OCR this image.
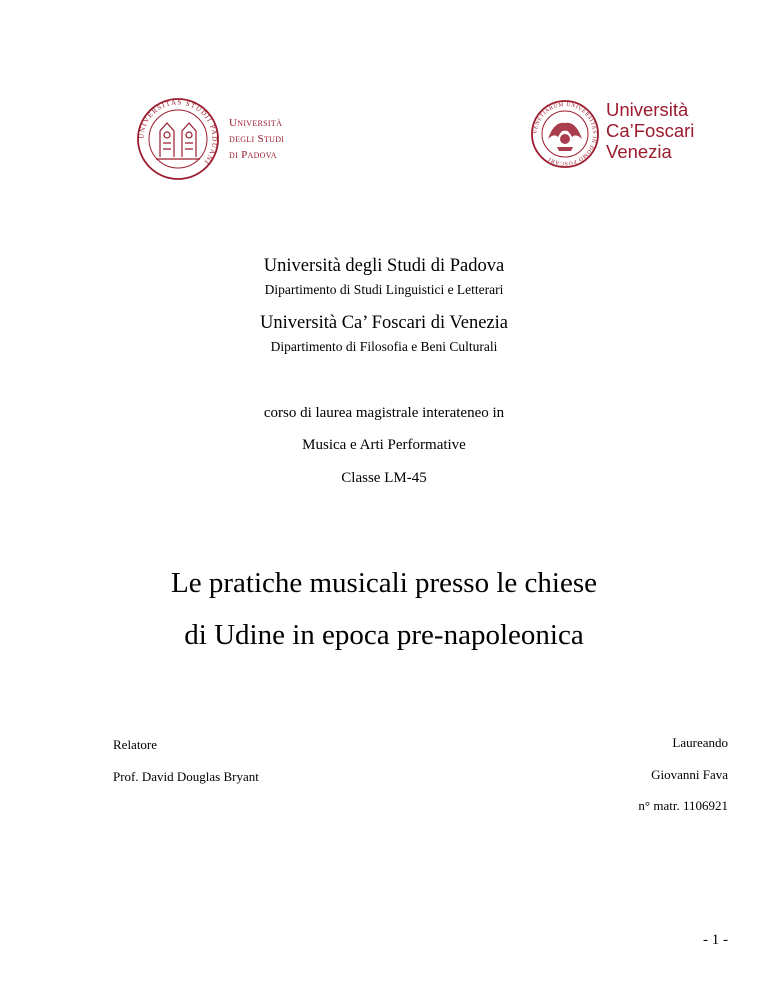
UNIVERSITAS STUDII PADUANI
Università
degli Studi
di Padova
VENETIARUM UNIVERSITAS IN DOMO FOSCARI
Università
Ca’Foscari
Venezia
Università degli Studi di Padova
Dipartimento di Studi Linguistici e Letterari
Università Ca’ Foscari di Venezia
Dipartimento di Filosofia e Beni Culturali
corso di laurea magistrale interateneo in
Musica e Arti Performative
Classe LM-45
Le pratiche musicali presso le chiese
di Udine in epoca pre-napoleonica
Relatore
Prof. David Douglas Bryant
Laureando
Giovanni Fava
n° matr. 1106921
- 1 -
